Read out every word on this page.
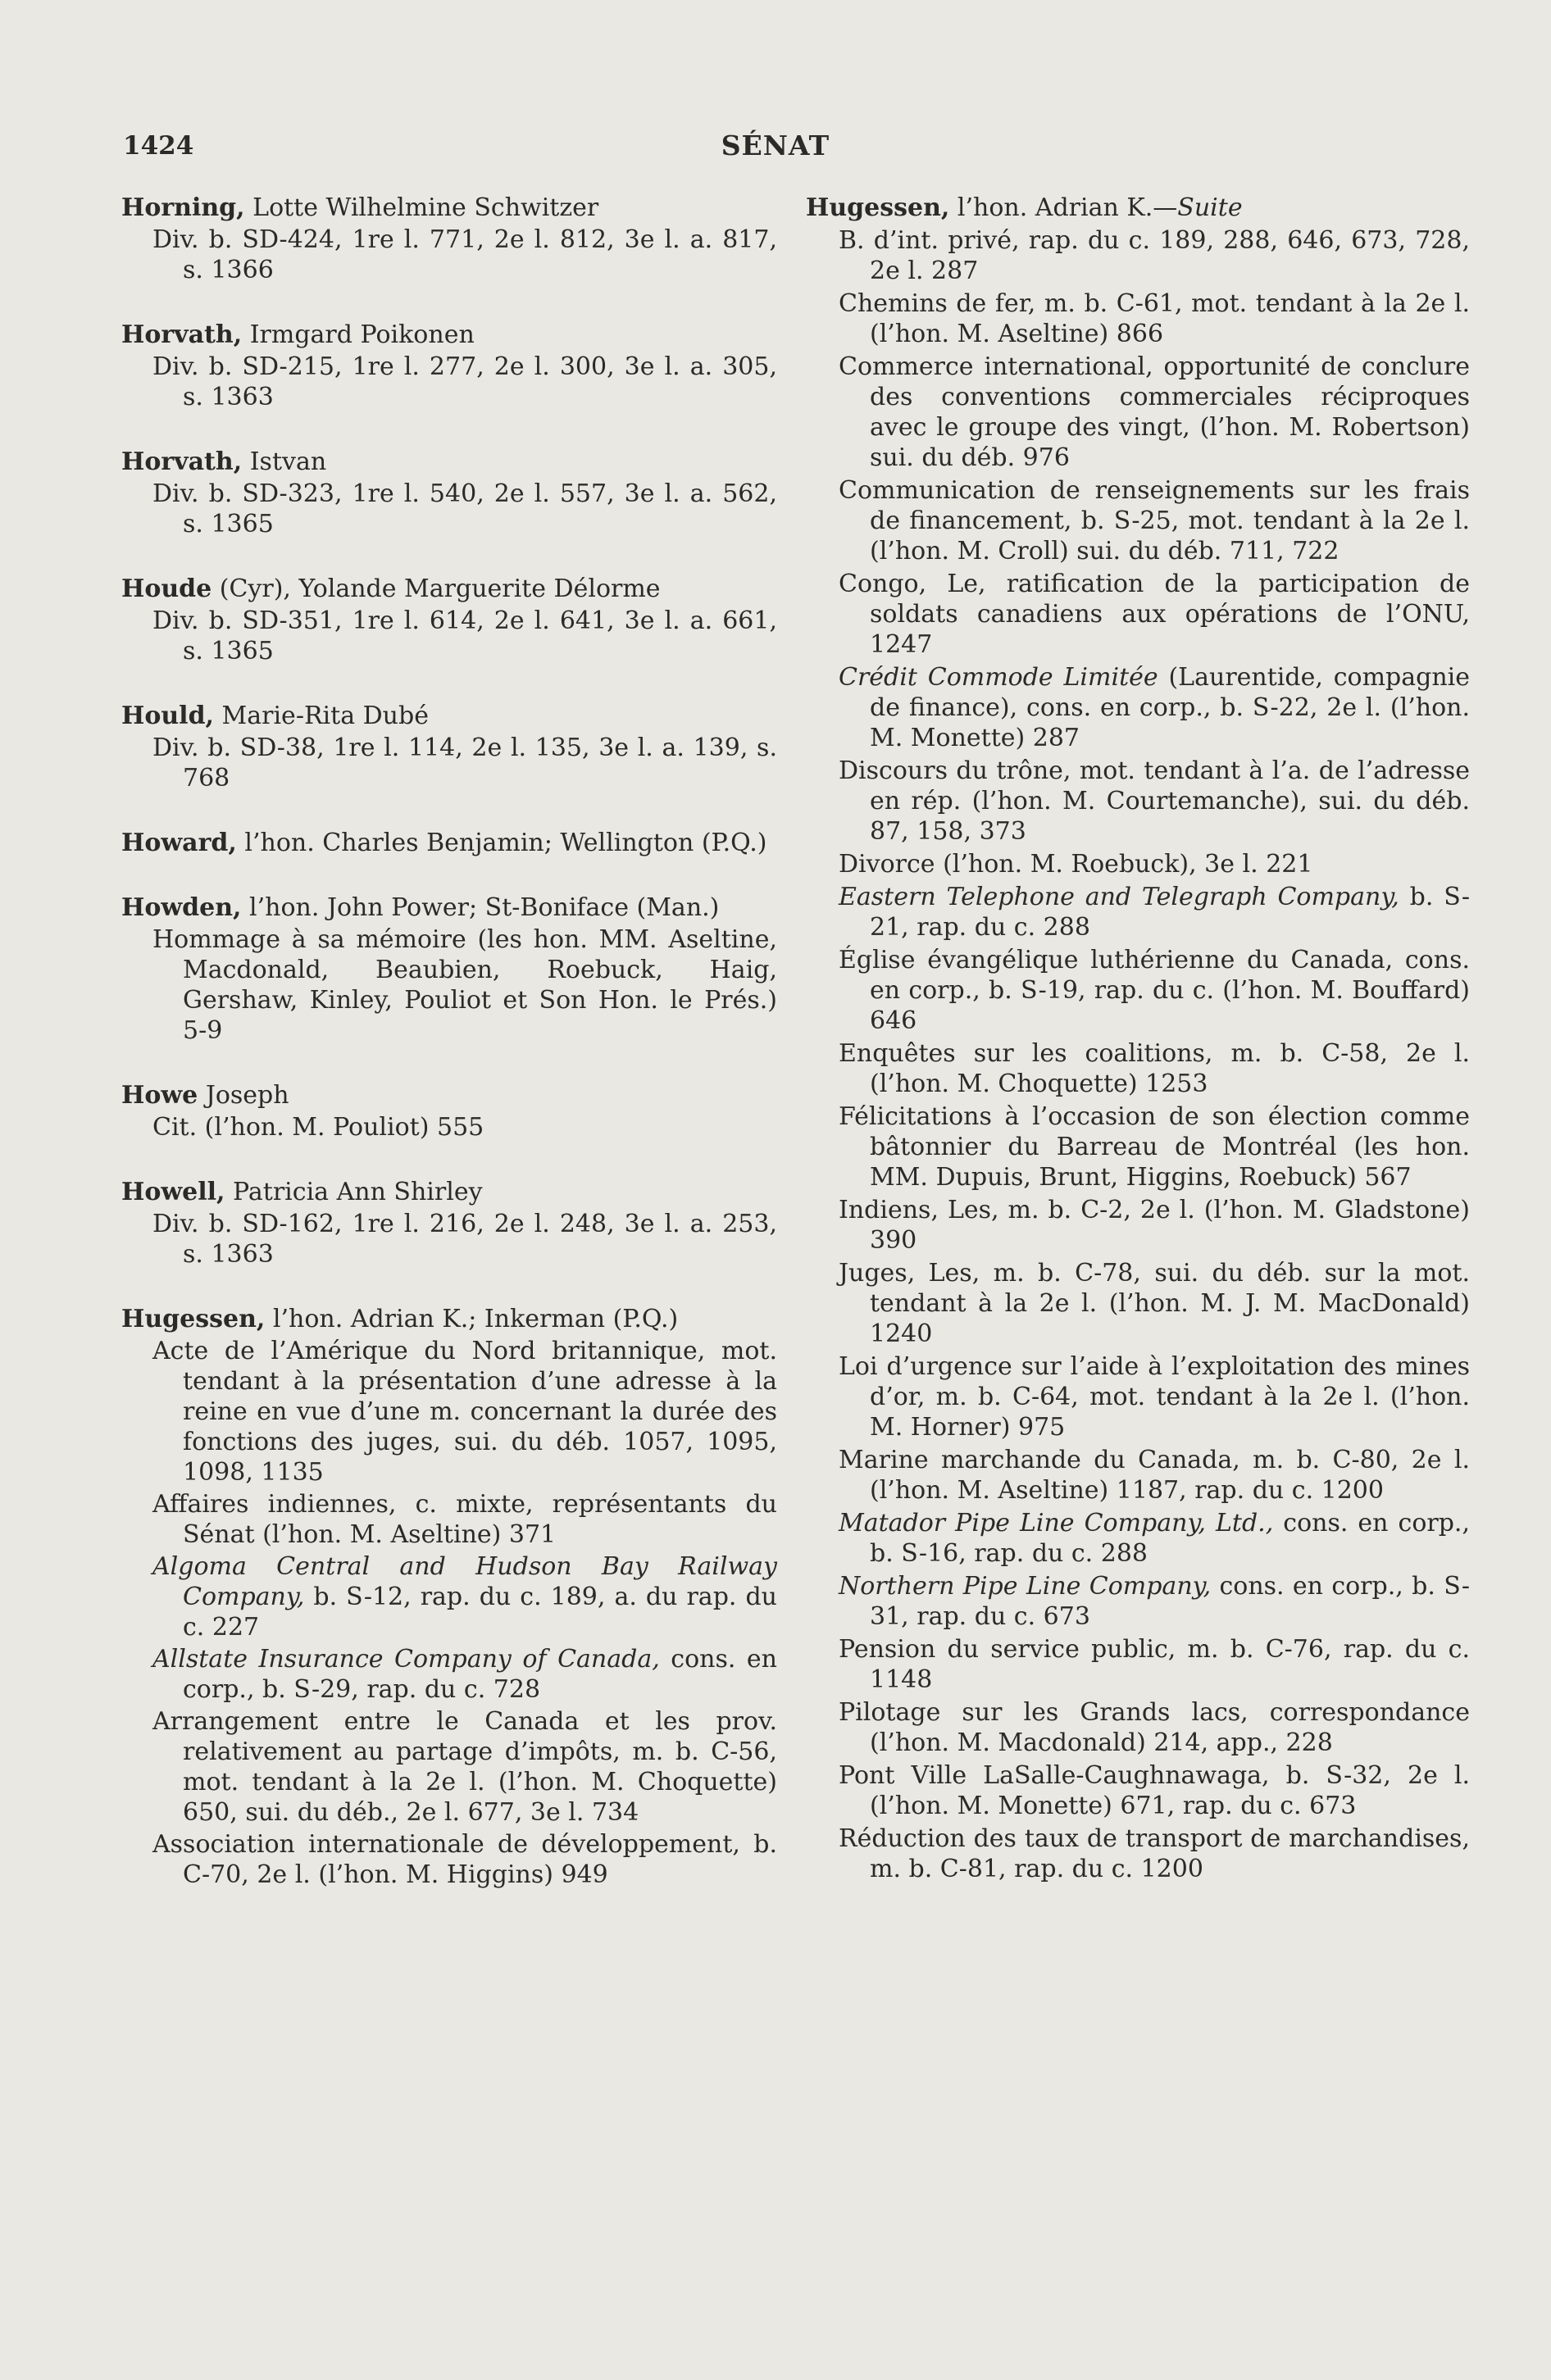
1424	SÉNAT
Horning, Lotte Wilhelmine Schwitzer
Div. b. SD-424, 1re l. 771, 2e l. 812, 3e l. a. 817, s. 1366
Horvath, Irmgard Poikonen
Div. b. SD-215, 1re l. 277, 2e l. 300, 3e l. a. 305, s. 1363
Horvath, Istvan
Div. b. SD-323, 1re l. 540, 2e l. 557, 3e l. a. 562, s. 1365
Houde (Cyr), Yolande Marguerite Délorme
Div. b. SD-351, 1re l. 614, 2e l. 641, 3e l. a. 661, s. 1365
Hould, Marie-Rita Dubé
Div. b. SD-38, 1re l. 114, 2e l. 135, 3e l. a. 139, s. 768
Howard, l’hon. Charles Benjamin; Wellington (P.Q.)
Howden, l’hon. John Power; St-Boniface (Man.)
Hommage à sa mémoire (les hon. MM. Aseltine, Macdonald, Beaubien, Roebuck, Haig, Gershaw, Kinley, Pouliot et Son Hon. le Prés.) 5-9
Howe Joseph
Cit. (l’hon. M. Pouliot) 555
Howell, Patricia Ann Shirley
Div. b. SD-162, 1re l. 216, 2e l. 248, 3e l. a. 253, s. 1363
Hugessen, l’hon. Adrian K.; Inkerman (P.Q.)
Acte de l’Amérique du Nord britannique, mot. tendant à la présentation d’une adresse à la reine en vue d’une m. concernant la durée des fonctions des juges, sui. du déb. 1057, 1095, 1098, 1135
Affaires indiennes, c. mixte, représentants du Sénat (l’hon. M. Aseltine) 371
Algoma Central and Hudson Bay Railway Company, b. S-12, rap. du c. 189, a. du rap. du c. 227
Allstate Insurance Company of Canada, cons. en corp., b. S-29, rap. du c. 728
Arrangement entre le Canada et les prov. relativement au partage d’impôts, m. b. C-56, mot. tendant à la 2e l. (l’hon. M. Choquette) 650, sui. du déb., 2e l. 677, 3e l. 734
Association internationale de développement, b. C-70, 2e l. (l’hon. M. Higgins) 949
Hugessen, l’hon. Adrian K.—Suite
B. d’int. privé, rap. du c. 189, 288, 646, 673, 728, 2e l. 287
Chemins de fer, m. b. C-61, mot. tendant à la 2e l. (l’hon. M. Aseltine) 866
Commerce international, opportunité de conclure des conventions commerciales réciproques avec le groupe des vingt, (l’hon. M. Robertson) sui. du déb. 976
Communication de renseignements sur les frais de financement, b. S-25, mot. tendant à la 2e l. (l’hon. M. Croll) sui. du déb. 711, 722
Congo, Le, ratification de la participation de soldats canadiens aux opérations de l’ONU, 1247
Crédit Commode Limitée (Laurentide, compagnie de finance), cons. en corp., b. S-22, 2e l. (l’hon. M. Monette) 287
Discours du trône, mot. tendant à l’a. de l’adresse en rép. (l’hon. M. Courtemanche), sui. du déb. 87, 158, 373
Divorce (l’hon. M. Roebuck), 3e l. 221
Eastern Telephone and Telegraph Company, b. S-21, rap. du c. 288
Église évangélique luthérienne du Canada, cons. en corp., b. S-19, rap. du c. (l’hon. M. Bouffard) 646
Enquêtes sur les coalitions, m. b. C-58, 2e l. (l’hon. M. Choquette) 1253
Félicitations à l’occasion de son élection comme bâtonnier du Barreau de Montréal (les hon. MM. Dupuis, Brunt, Higgins, Roebuck) 567
Indiens, Les, m. b. C-2, 2e l. (l’hon. M. Gladstone) 390
Juges, Les, m. b. C-78, sui. du déb. sur la mot. tendant à la 2e l. (l’hon. M. J. M. MacDonald) 1240
Loi d’urgence sur l’aide à l’exploitation des mines d’or, m. b. C-64, mot. tendant à la 2e l. (l’hon. M. Horner) 975
Marine marchande du Canada, m. b. C-80, 2e l. (l’hon. M. Aseltine) 1187, rap. du c. 1200
Matador Pipe Line Company, Ltd., cons. en corp., b. S-16, rap. du c. 288
Northern Pipe Line Company, cons. en corp., b. S-31, rap. du c. 673
Pension du service public, m. b. C-76, rap. du c. 1148
Pilotage sur les Grands lacs, correspondance (l’hon. M. Macdonald) 214, app., 228
Pont Ville LaSalle-Caughnawaga, b. S-32, 2e l. (l’hon. M. Monette) 671, rap. du c. 673
Réduction des taux de transport de marchandises, m. b. C-81, rap. du c. 1200
